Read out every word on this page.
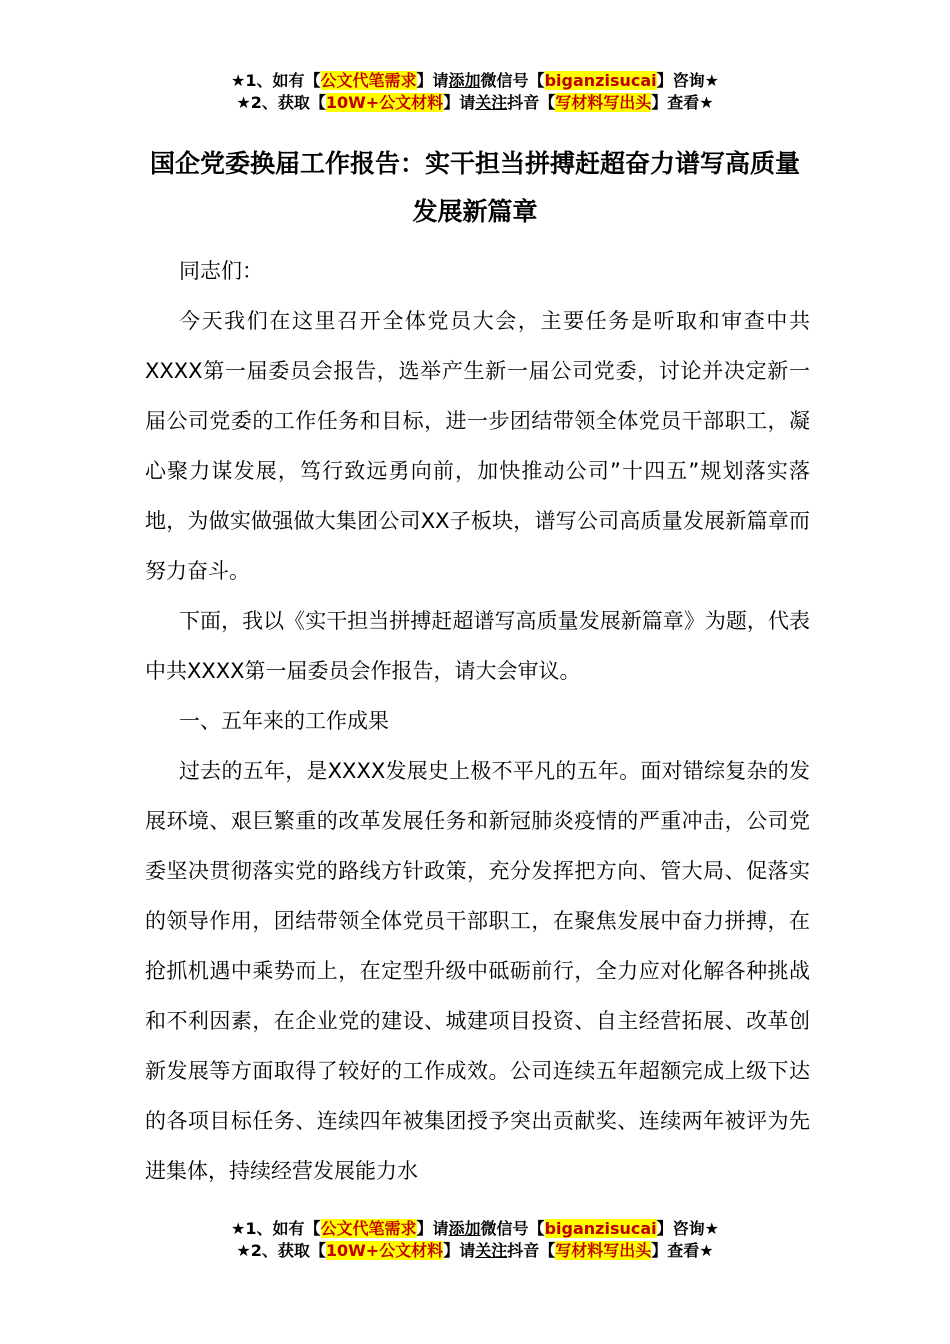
★1、如有【公文代笔需求】请添加微信号【biganzisucai】咨询★
★2、获取【10W+公文材料】请关注抖音【写材料写出头】查看★
国企党委换届工作报告：实干担当拼搏赶超奋力谱写高质量发展新篇章

同志们：

今天我们在这里召开全体党员大会，主要任务是听取和审查中共XXXX第一届委员会报告，选举产生新一届公司党委，讨论并决定新一届公司党委的工作任务和目标，进一步团结带领全体党员干部职工，凝心聚力谋发展，笃行致远勇向前，加快推动公司”十四五”规划落实落地，为做实做强做大集团公司XX子板块，谱写公司高质量发展新篇章而努力奋斗。

下面，我以《实干担当拼搏赶超谱写高质量发展新篇章》为题，代表中共XXXX第一届委员会作报告，请大会审议。

一、五年来的工作成果

过去的五年，是XXXX发展史上极不平凡的五年。面对错综复杂的发展环境、艰巨繁重的改革发展任务和新冠肺炎疫情的严重冲击，公司党委坚决贯彻落实党的路线方针政策，充分发挥把方向、管大局、促落实的领导作用，团结带领全体党员干部职工，在聚焦发展中奋力拼搏，在抢抓机遇中乘势而上，在定型升级中砥砺前行，全力应对化解各种挑战和不利因素，在企业党的建设、城建项目投资、自主经营拓展、改革创新发展等方面取得了较好的工作成效。公司连续五年超额完成上级下达的各项目标任务、连续四年被集团授予突出贡献奖、连续两年被评为先进集体，持续经营发展能力水

★1、如有【公文代笔需求】请添加微信号【biganzisucai】咨询★
★2、获取【10W+公文材料】请关注抖音【写材料写出头】查看★
